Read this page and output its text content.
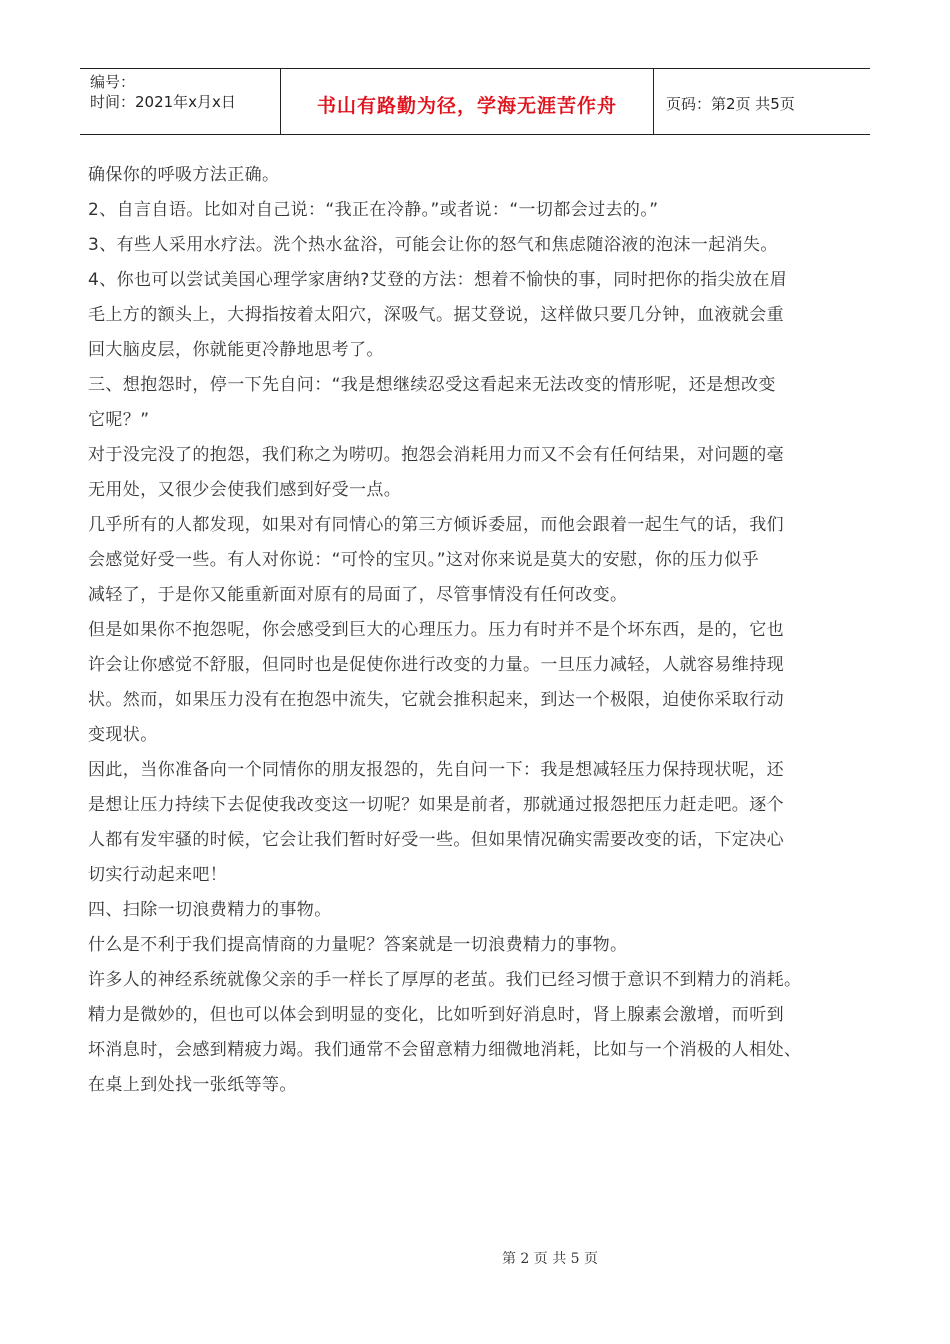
编号：
时间：2021年x月x日	书山有路勤为径，学海无涯苦作舟	页码：第2页 共5页

确保你的呼吸方法正确。

2、自言自语。比如对自己说：“我正在冷静。”或者说：“一切都会过去的。”

3、有些人采用水疗法。洗个热水盆浴，可能会让你的怒气和焦虑随浴液的泡沫一起消失。

4、你也可以尝试美国心理学家唐纳?艾登的方法：想着不愉快的事，同时把你的指尖放在眉
毛上方的额头上，大拇指按着太阳穴，深吸气。据艾登说，这样做只要几分钟，血液就会重
回大脑皮层，你就能更冷静地思考了。

三、想抱怨时，停一下先自问：“我是想继续忍受这看起来无法改变的情形呢，还是想改变
它呢？”

对于没完没了的抱怨，我们称之为唠叨。抱怨会消耗用力而又不会有任何结果，对问题的毫
无用处，又很少会使我们感到好受一点。

几乎所有的人都发现，如果对有同情心的第三方倾诉委屈，而他会跟着一起生气的话，我们
会感觉好受一些。有人对你说：“可怜的宝贝。”这对你来说是莫大的安慰，你的压力似乎
减轻了，于是你又能重新面对原有的局面了，尽管事情没有任何改变。

但是如果你不抱怨呢，你会感受到巨大的心理压力。压力有时并不是个坏东西，是的，它也
许会让你感觉不舒服，但同时也是促使你进行改变的力量。一旦压力减轻，人就容易维持现
状。然而，如果压力没有在抱怨中流失，它就会推积起来，到达一个极限，迫使你采取行动
变现状。

因此，当你准备向一个同情你的朋友报怨的，先自问一下：我是想减轻压力保持现状呢，还
是想让压力持续下去促使我改变这一切呢？如果是前者，那就通过报怨把压力赶走吧。逐个
人都有发牢骚的时候，它会让我们暂时好受一些。但如果情况确实需要改变的话，下定决心
切实行动起来吧！

四、扫除一切浪费精力的事物。

什么是不利于我们提高情商的力量呢？答案就是一切浪费精力的事物。

许多人的神经系统就像父亲的手一样长了厚厚的老茧。我们已经习惯于意识不到精力的消耗。
精力是微妙的，但也可以体会到明显的变化，比如听到好消息时，肾上腺素会激增，而听到
坏消息时，会感到精疲力竭。我们通常不会留意精力细微地消耗，比如与一个消极的人相处、
在桌上到处找一张纸等等。

第 2 页 共 5 页
